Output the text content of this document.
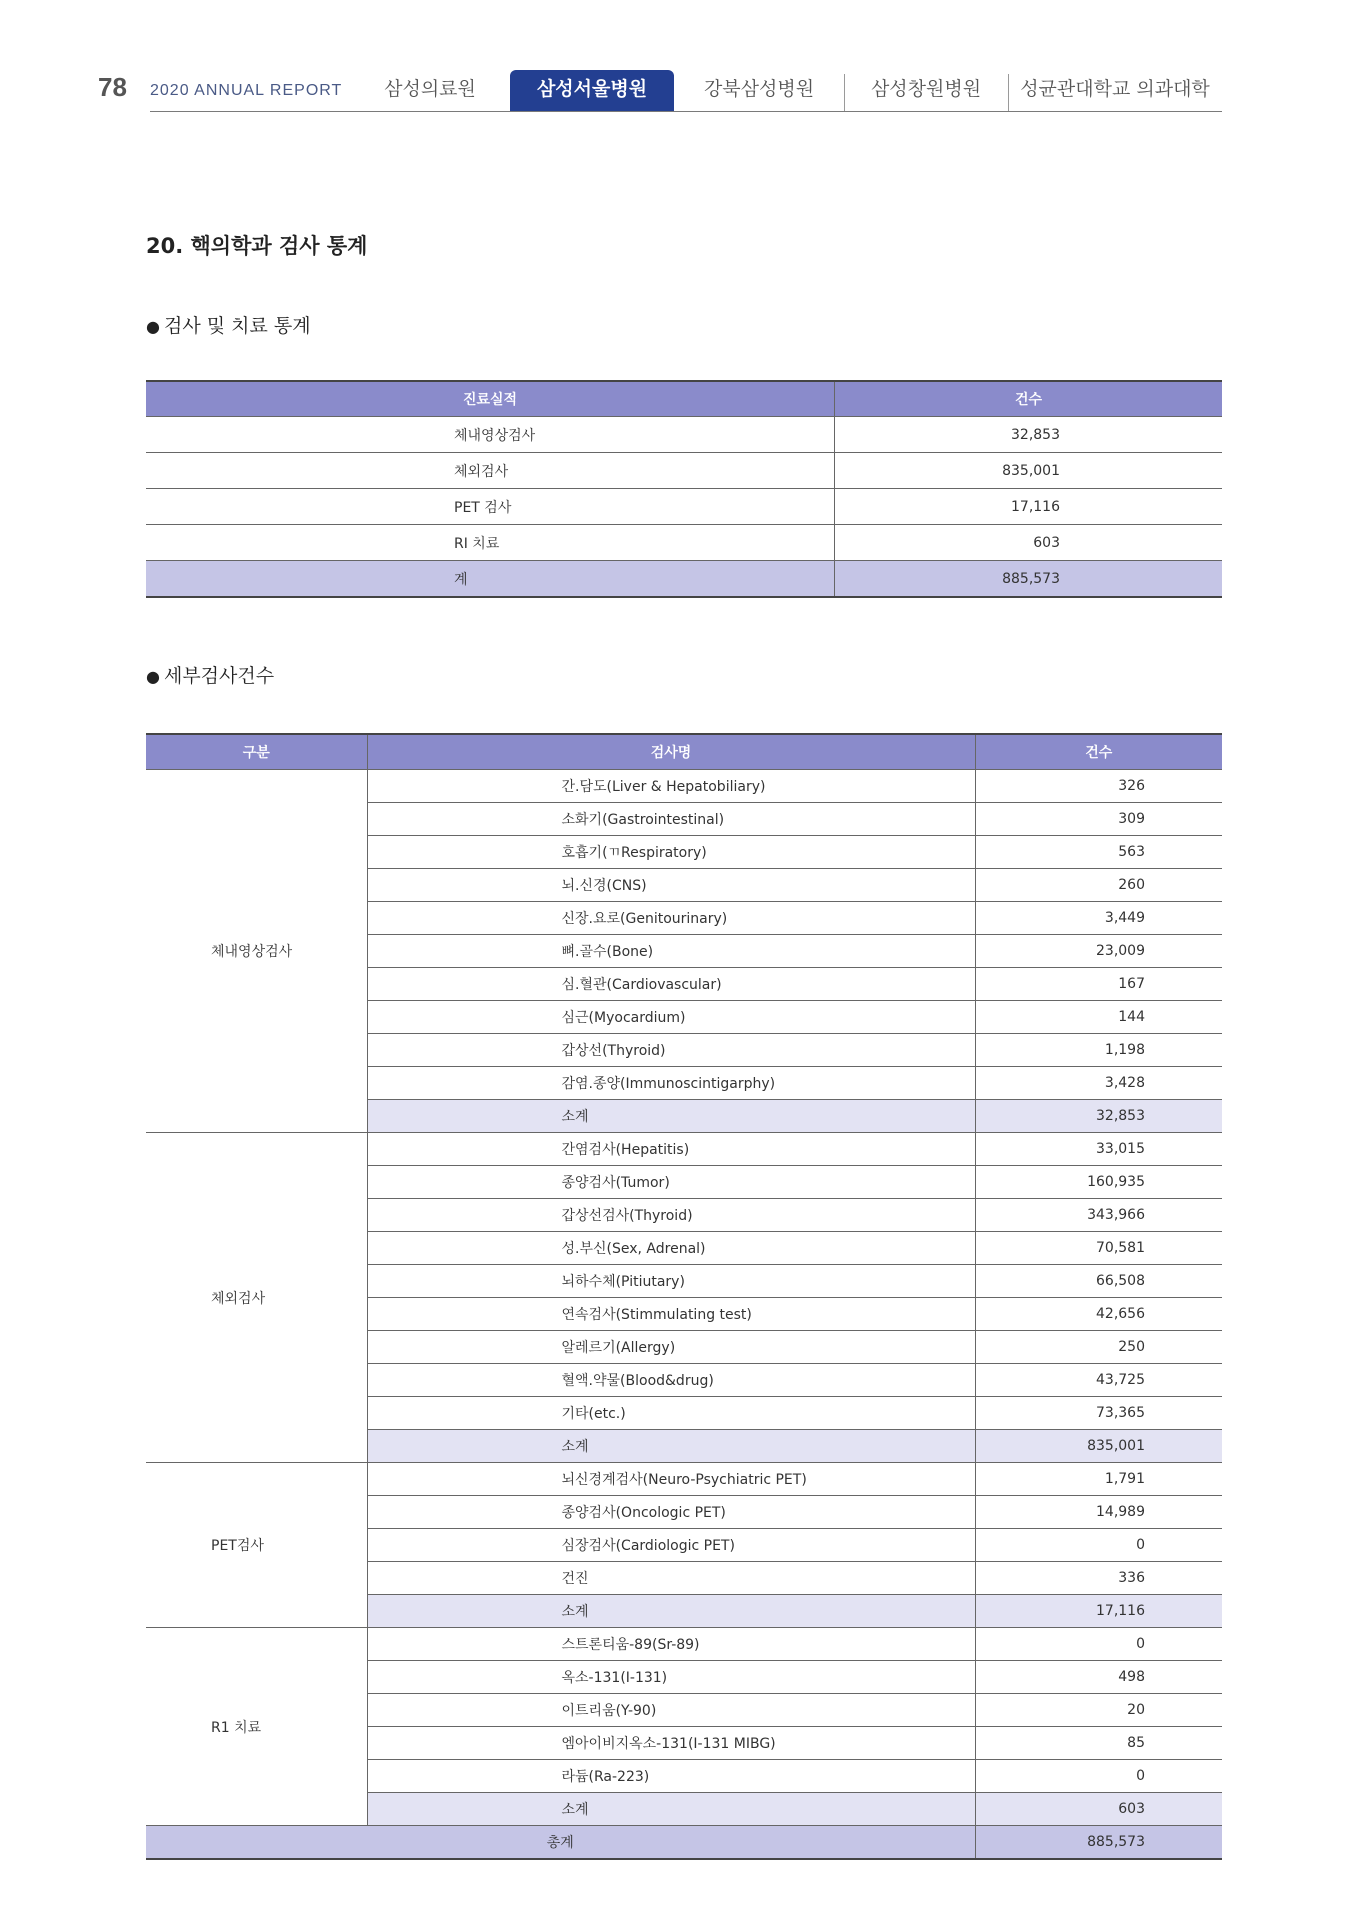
78 2020 ANNUAL REPORT	삼성의료원	삼성서울병원	강북삼성병원	삼성창원병원	성균관대학교 의과대학
20. 핵의학과 검사 통계
● 검사 및 치료 통계
진료실적	건수
체내영상검사	32,853
체외검사	835,001
PET 검사	17,116
RI 치료	603
계	885,573
● 세부검사건수
구분	검사명	건수
체내영상검사	간.담도(Liver & Hepatobiliary)	326
	소화기(Gastrointestinal)	309
	호흡기(ㄲRespiratory)	563
	뇌.신경(CNS)	260
	신장.요로(Genitourinary)	3,449
	뼈.골수(Bone)	23,009
	심.혈관(Cardiovascular)	167
	심근(Myocardium)	144
	갑상선(Thyroid)	1,198
	감염.종양(Immunoscintigarphy)	3,428
	소계	32,853
체외검사	간염검사(Hepatitis)	33,015
	종양검사(Tumor)	160,935
	갑상선검사(Thyroid)	343,966
	성.부신(Sex, Adrenal)	70,581
	뇌하수체(Pitiutary)	66,508
	연속검사(Stimmulating test)	42,656
	알레르기(Allergy)	250
	혈액.약물(Blood&drug)	43,725
	기타(etc.)	73,365
	소계	835,001
PET검사	뇌신경계검사(Neuro-Psychiatric PET)	1,791
	종양검사(Oncologic PET)	14,989
	심장검사(Cardiologic PET)	0
	건진	336
	소계	17,116
R1 치료	스트론티움-89(Sr-89)	0
	옥소-131(I-131)	498
	이트리움(Y-90)	20
	엠아이비지옥소-131(I-131 MIBG)	85
	라듐(Ra-223)	0
	소계	603
총계		885,573
